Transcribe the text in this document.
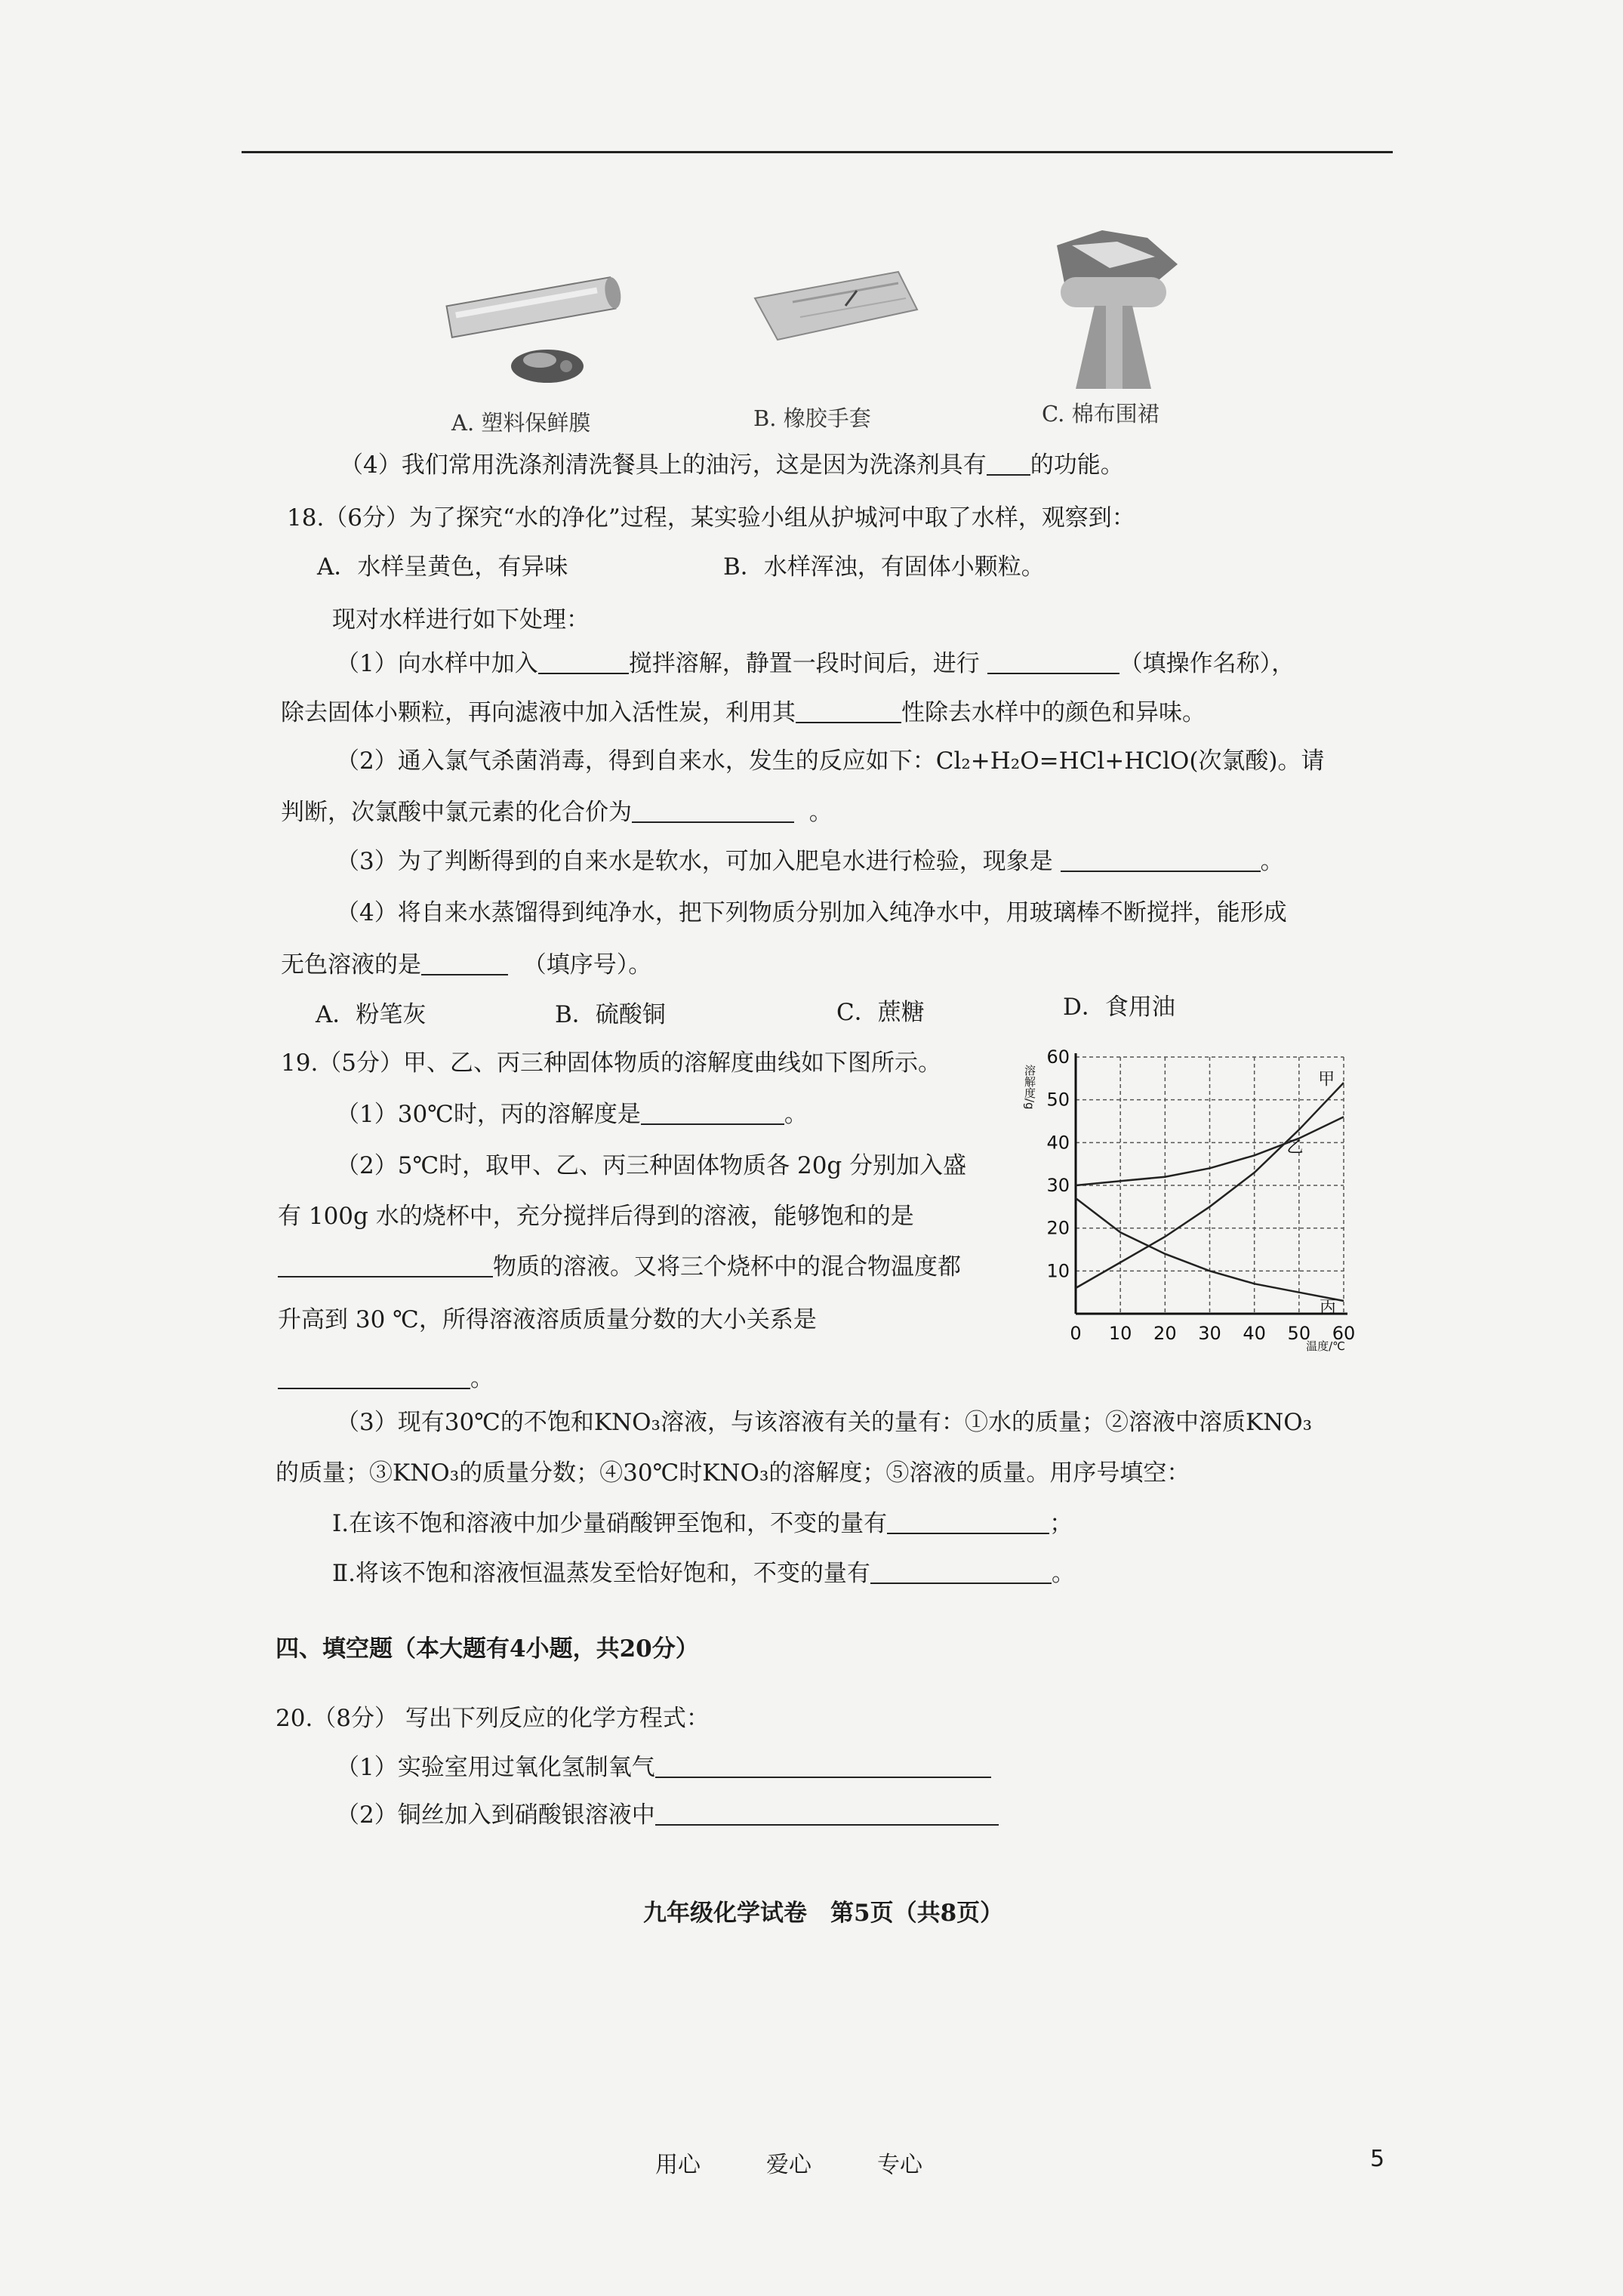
A. 塑料保鲜膜	B. 橡胶手套	C. 棉布围裙
（4）我们常用洗涤剂清洗餐具上的油污，这是因为洗涤剂具有 的功能。
18.（6分）为了探究“水的净化”过程，某实验小组从护城河中取了水样，观察到：
A．水样呈黄色，有异味	B．水样浑浊，有固体小颗粒。
现对水样进行如下处理：
（1）向水样中加入	搅拌溶解，静置一段时间后，进行	（填操作名称），
除去固体小颗粒，再向滤液中加入活性炭，利用其	性除去水样中的颜色和异味。
（2）通入氯气杀菌消毒，得到自来水，发生的反应如下：Cl₂+H₂O=HCl+HClO(次氯酸)。请
判断，次氯酸中氯元素的化合价为	。
（3）为了判断得到的自来水是软水，可加入肥皂水进行检验，现象是	。
（4）将自来水蒸馏得到纯净水，把下列物质分别加入纯净水中，用玻璃棒不断搅拌，能形成
无色溶液的是	（填序号）。
A．粉笔灰	B．硫酸铜	C．蔗糖	D．食用油
19.（5分）甲、乙、丙三种固体物质的溶解度曲线如下图所示。
（1）30℃时，丙的溶解度是	。
（2）5℃时，取甲、乙、丙三种固体物质各 20g 分别加入盛
有 100g 水的烧杯中，充分搅拌后得到的溶液，能够饱和的是
物质的溶液。又将三个烧杯中的混合物温度都
升高到 30 ℃，所得溶液溶质质量分数的大小关系是
。
0 10 20 30 40 50 60
10
20
30
40
50
60
溶解度/g
温度/℃
甲
乙
丙
（3）现有30℃的不饱和KNO₃溶液，与该溶液有关的量有：①水的质量；②溶液中溶质KNO₃
的质量；③KNO₃的质量分数；④30℃时KNO₃的溶解度；⑤溶液的质量。用序号填空：
Ⅰ.在该不饱和溶液中加少量硝酸钾至饱和，不变的量有	；
Ⅱ.将该不饱和溶液恒温蒸发至恰好饱和，不变的量有	。
四、填空题（本大题有4小题，共20分）
20.（8分） 写出下列反应的化学方程式：
（1）实验室用过氧化氢制氧气
（2）铜丝加入到硝酸银溶液中
九年级化学试卷　第5页（共8页）
用心	爱心	专心	5
